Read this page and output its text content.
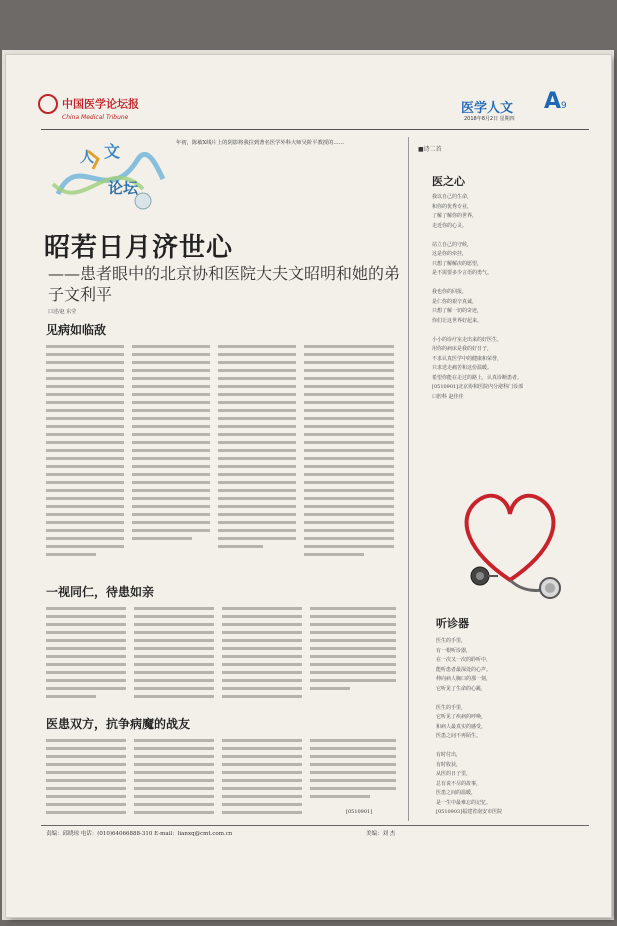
中国医学论坛报
China Medical Tribune
医学人文 A 9
2018年8月2日 星期四
人 文
论坛
年初，陈敏X线片上的阴影将我拉到著名医学外科大师吴阶平教授的……
昭若日月济世心
——患者眼中的北京协和医院大夫文昭明和她的弟子文利平
口述/赵 东莹
见病如临敌
一视同仁，待患如亲
医患双方，抗争病魔的战友
[0510901]
■诗二首
医之心
我以自己的生命，
和你的优秀专业，
了解了解你的世界，
走近你的心灵。

站立自己的守候，
这是你的牵挂，
只想了解解决的愿望，
是不需要多少言语的勇气。

我也你的回报，
是仁你的艰辛真诚，
只想了解一切的奇迹，
你们让这世界好起来。

小小的诊疗室走出来的好医生，
用你的病床是我的好日子，
不求认真医学中的健康和荣誉，
只求送走痛苦和这份温暖。
希望你能在走过的路上，认真诊断患者。
[0510901]北京协和医院内分泌科门诊部
口腔科 赵佳佳
听诊器
医生的手里，
有一根听诊器，
在一次又一次的聆听中，
能听患者最深处的心声。
伸向病人胸口的那一刻，
它听见了生命的心跳，

医生的手里，
它听见了疾病的呼唤，
和病人最真实的感受，
医患之间不再陌生。

有时付出，
有时收获，
从医的日子里，
总有说不尽的故事，
医患之间的温暖，
是一生中最难忘的记忆。
[0510903]福建省南安市医院
责编：邱晓琼 电话：(010)64066888-310 E-mail：lianxq@cmt.com.cn	美编：刘 杰
